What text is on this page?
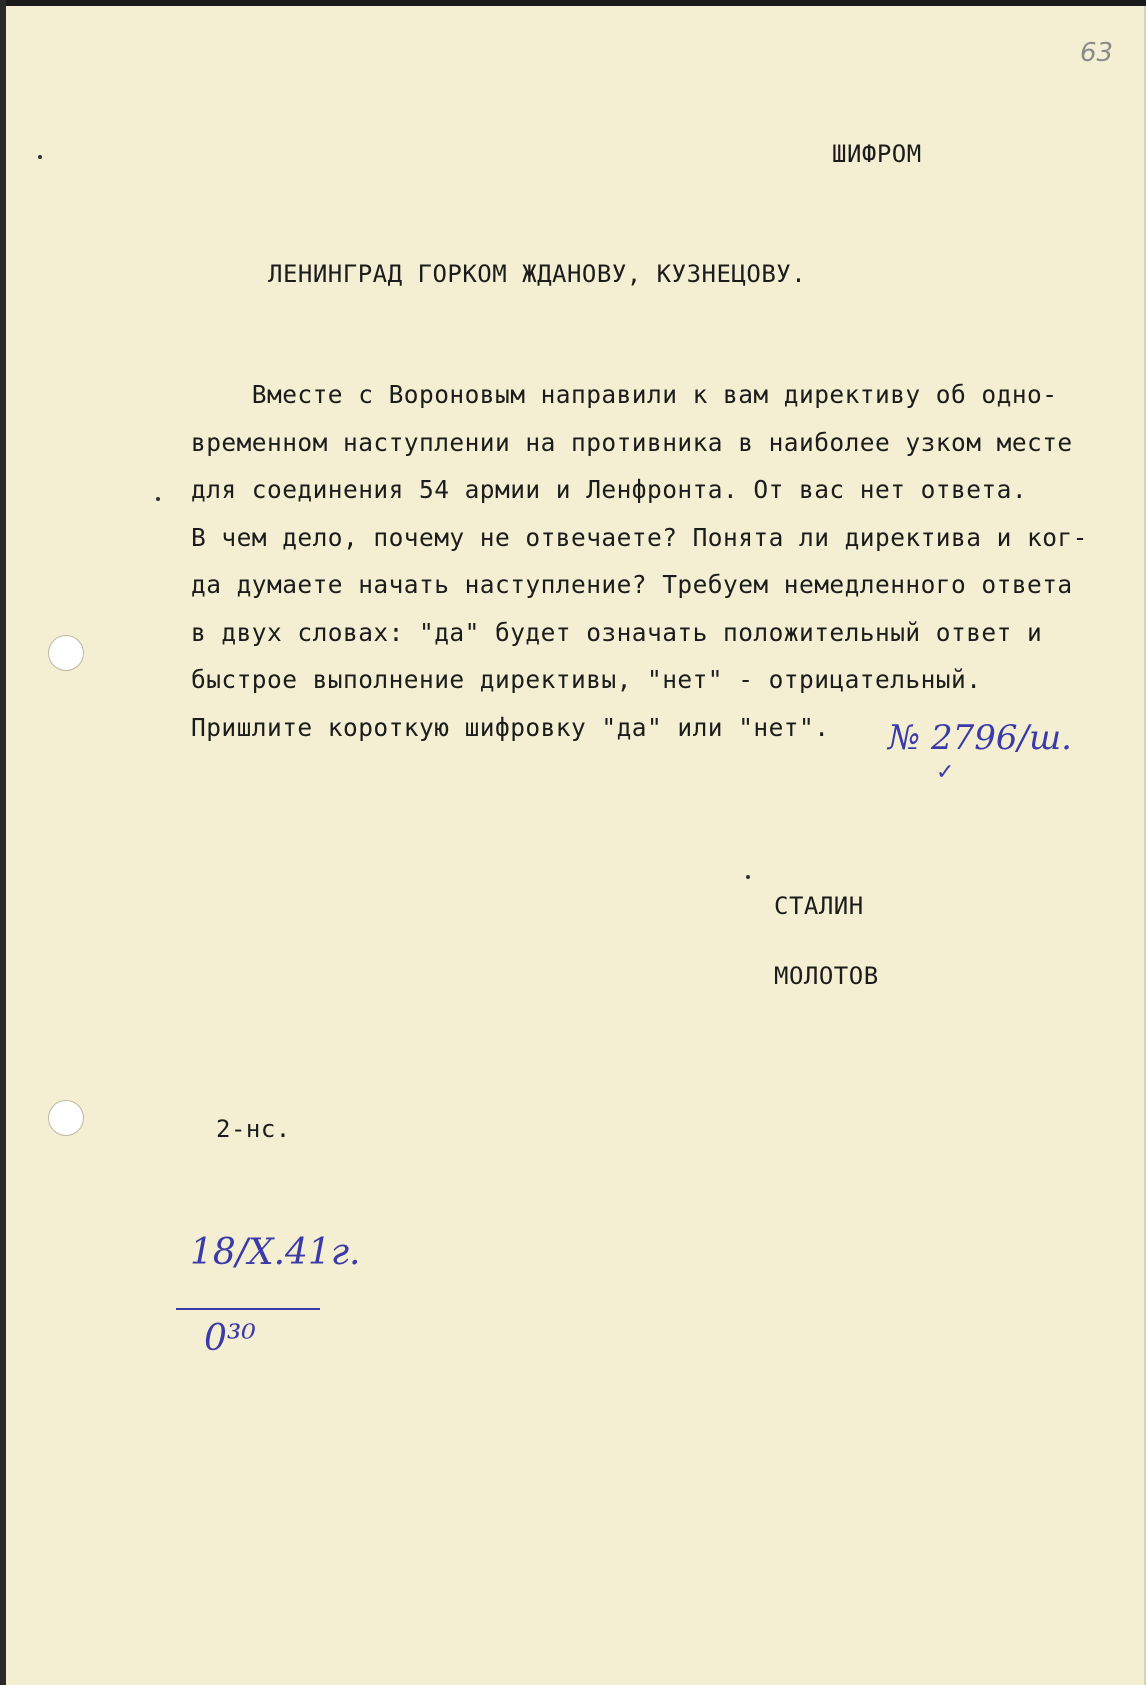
63
ШИФРОМ
ЛЕНИНГРАД ГОРКОМ ЖДАНОВУ, КУЗНЕЦОВУ.
Вместе с Вороновым направили к вам директиву об одно-
временном наступлении на противника в наиболее узком месте
для соединения 54 армии и Ленфронта. От вас нет ответа.
В чем дело, почему не отвечаете? Понята ли директива и ког-
да думаете начать наступление? Требуем немедленного ответа
в двух словах: "да" будет означать положительный ответ и
быстрое выполнение директивы, "нет" - отрицательный.
Пришлите короткую шифровку "да" или "нет". № 2796/ш.
✓
СТАЛИН
МОЛОТОВ
2-нс.
18/X.41г.
0³⁰
